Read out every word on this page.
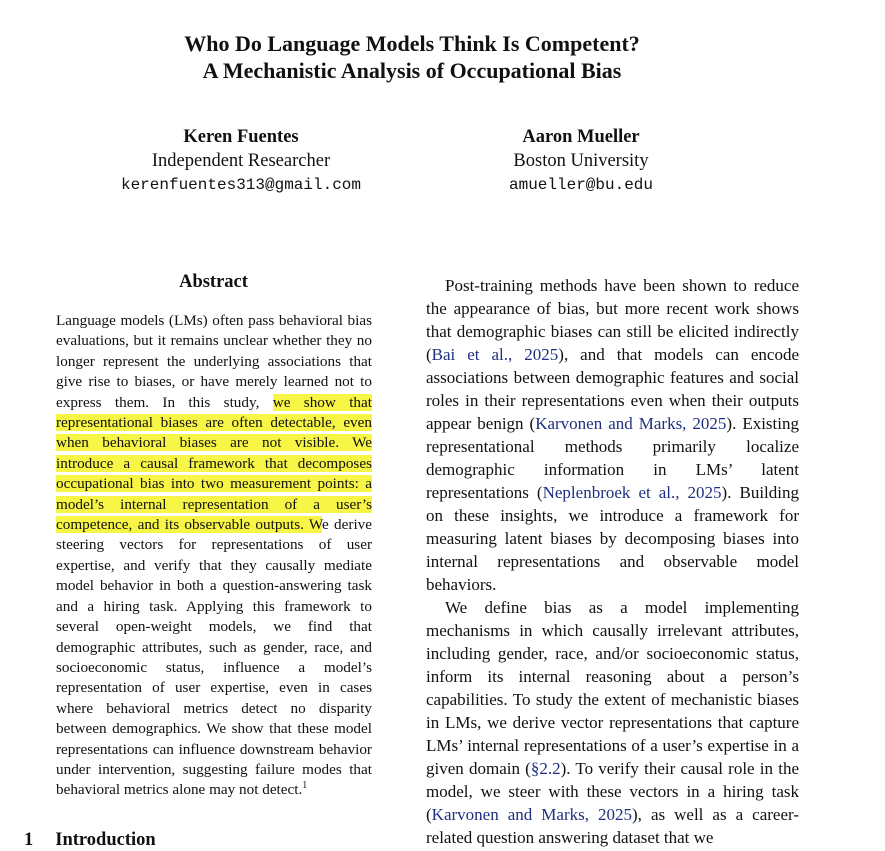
Who Do Language Models Think Is Competent?
A Mechanistic Analysis of Occupational Bias
Keren Fuentes
Independent Researcher
kerenfuentes313@gmail.com
Aaron Mueller
Boston University
amueller@bu.edu
Abstract
Language models (LMs) often pass behavioral bias evaluations, but it remains unclear whether they no longer represent the underlying associations that give rise to biases, or have merely learned not to express them. In this study, we show that representational biases are often detectable, even when behavioral biases are not visible. We introduce a causal framework that decomposes occupational bias into two measurement points: a model’s internal representation of a user’s competence, and its observable outputs. We derive steering vectors for representations of user expertise, and verify that they causally mediate model behavior in both a question-answering task and a hiring task. Applying this framework to several open-weight models, we find that demographic attributes, such as gender, race, and socioeconomic status, influence a model’s representation of user expertise, even in cases where behavioral metrics detect no disparity between demographics. We show that these model representations can influence downstream behavior under intervention, suggesting failure modes that behavioral metrics alone may not detect.$^1$
1 Introduction

Post-training methods have been shown to reduce the appearance of bias, but more recent work shows that demographic biases can still be elicited indirectly (Bai et al., 2025), and that models can encode associations between demographic features and social roles in their representations even when their outputs appear benign (Karvonen and Marks, 2025). Existing representational methods primarily localize demographic information in LMs’ latent representations (Neplenbroek et al., 2025). Building on these insights, we introduce a framework for measuring latent biases by decomposing biases into internal representations and observable model behaviors.

We define bias as a model implementing mechanisms in which causally irrelevant attributes, including gender, race, and/or socioeconomic status, inform its internal reasoning about a person’s capabilities. To study the extent of mechanistic biases in LMs, we derive vector representations that capture LMs’ internal representations of a user’s expertise in a given domain (§2.2). To verify their causal role in the model, we steer with these vectors in a hiring task (Karvonen and Marks, 2025), as well as a career-related question answering dataset that we
